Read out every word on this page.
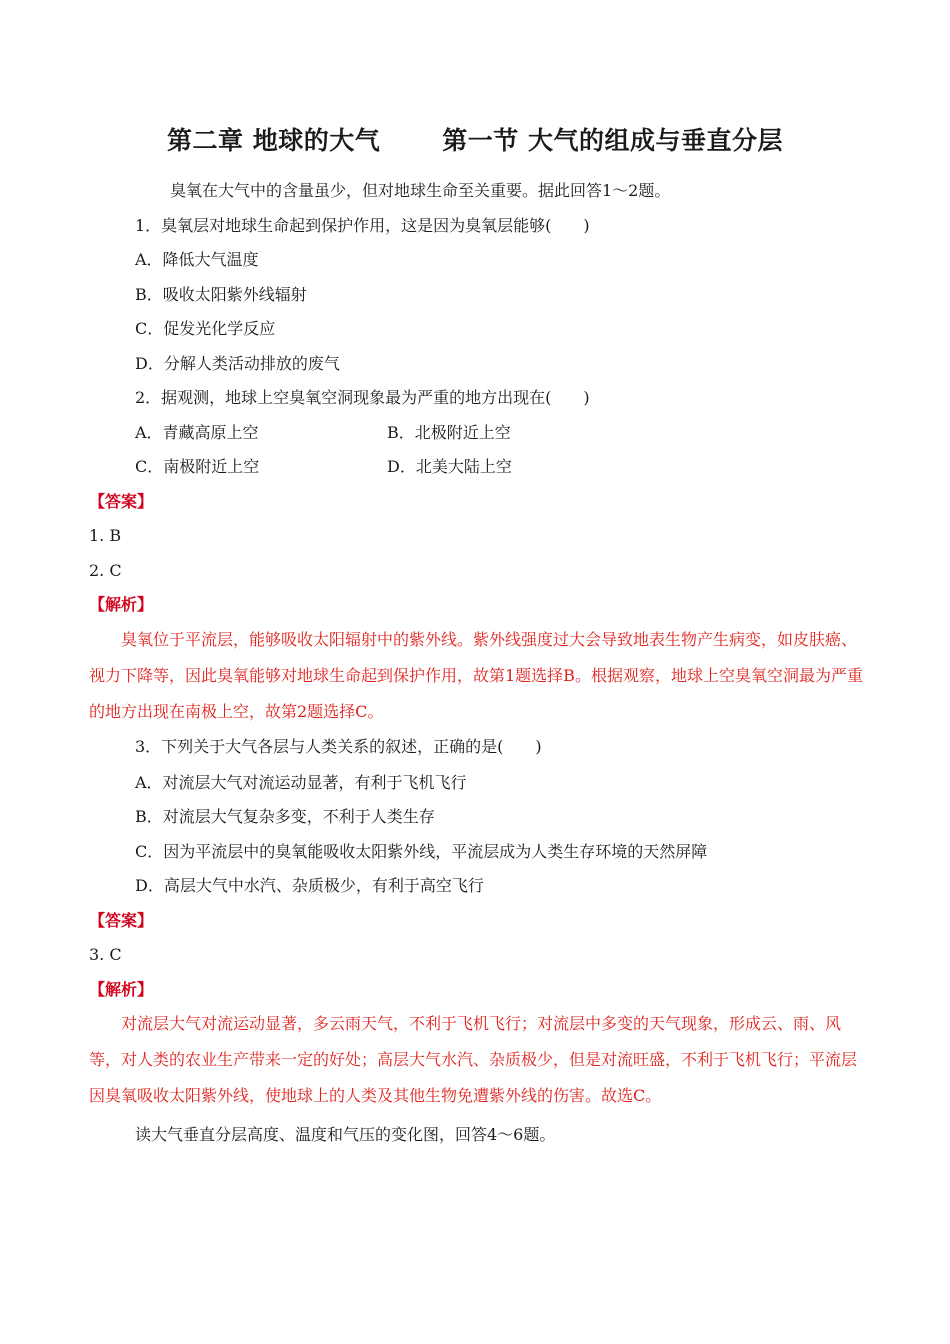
第二章 地球的大气 第一节 大气的组成与垂直分层
臭氧在大气中的含量虽少，但对地球生命至关重要。据此回答1～2题。
1．臭氧层对地球生命起到保护作用，这是因为臭氧层能够(　　)
A．降低大气温度
B．吸收太阳紫外线辐射
C．促发光化学反应
D．分解人类活动排放的废气
2．据观测，地球上空臭氧空洞现象最为严重的地方出现在(　　)
A．青藏高原上空	B．北极附近上空
C．南极附近上空	D．北美大陆上空
【答案】
1. B
2. C
【解析】

臭氧位于平流层，能够吸收太阳辐射中的紫外线。紫外线强度过大会导致地表生物产生病变，如皮肤癌、视力下降等，因此臭氧能够对地球生命起到保护作用，故第1题选择B。根据观察，地球上空臭氧空洞最为严重的地方出现在南极上空，故第2题选择C。

3．下列关于大气各层与人类关系的叙述，正确的是(　　)
A．对流层大气对流运动显著，有利于飞机飞行
B．对流层大气复杂多变，不利于人类生存
C．因为平流层中的臭氧能吸收太阳紫外线，平流层成为人类生存环境的天然屏障
D．高层大气中水汽、杂质极少，有利于高空飞行
【答案】
3. C
【解析】

对流层大气对流运动显著，多云雨天气，不利于飞机飞行；对流层中多变的天气现象，形成云、雨、风等，对人类的农业生产带来一定的好处；高层大气水汽、杂质极少，但是对流旺盛，不利于飞机飞行；平流层因臭氧吸收太阳紫外线，使地球上的人类及其他生物免遭紫外线的伤害。故选C。

读大气垂直分层高度、温度和气压的变化图，回答4～6题。
